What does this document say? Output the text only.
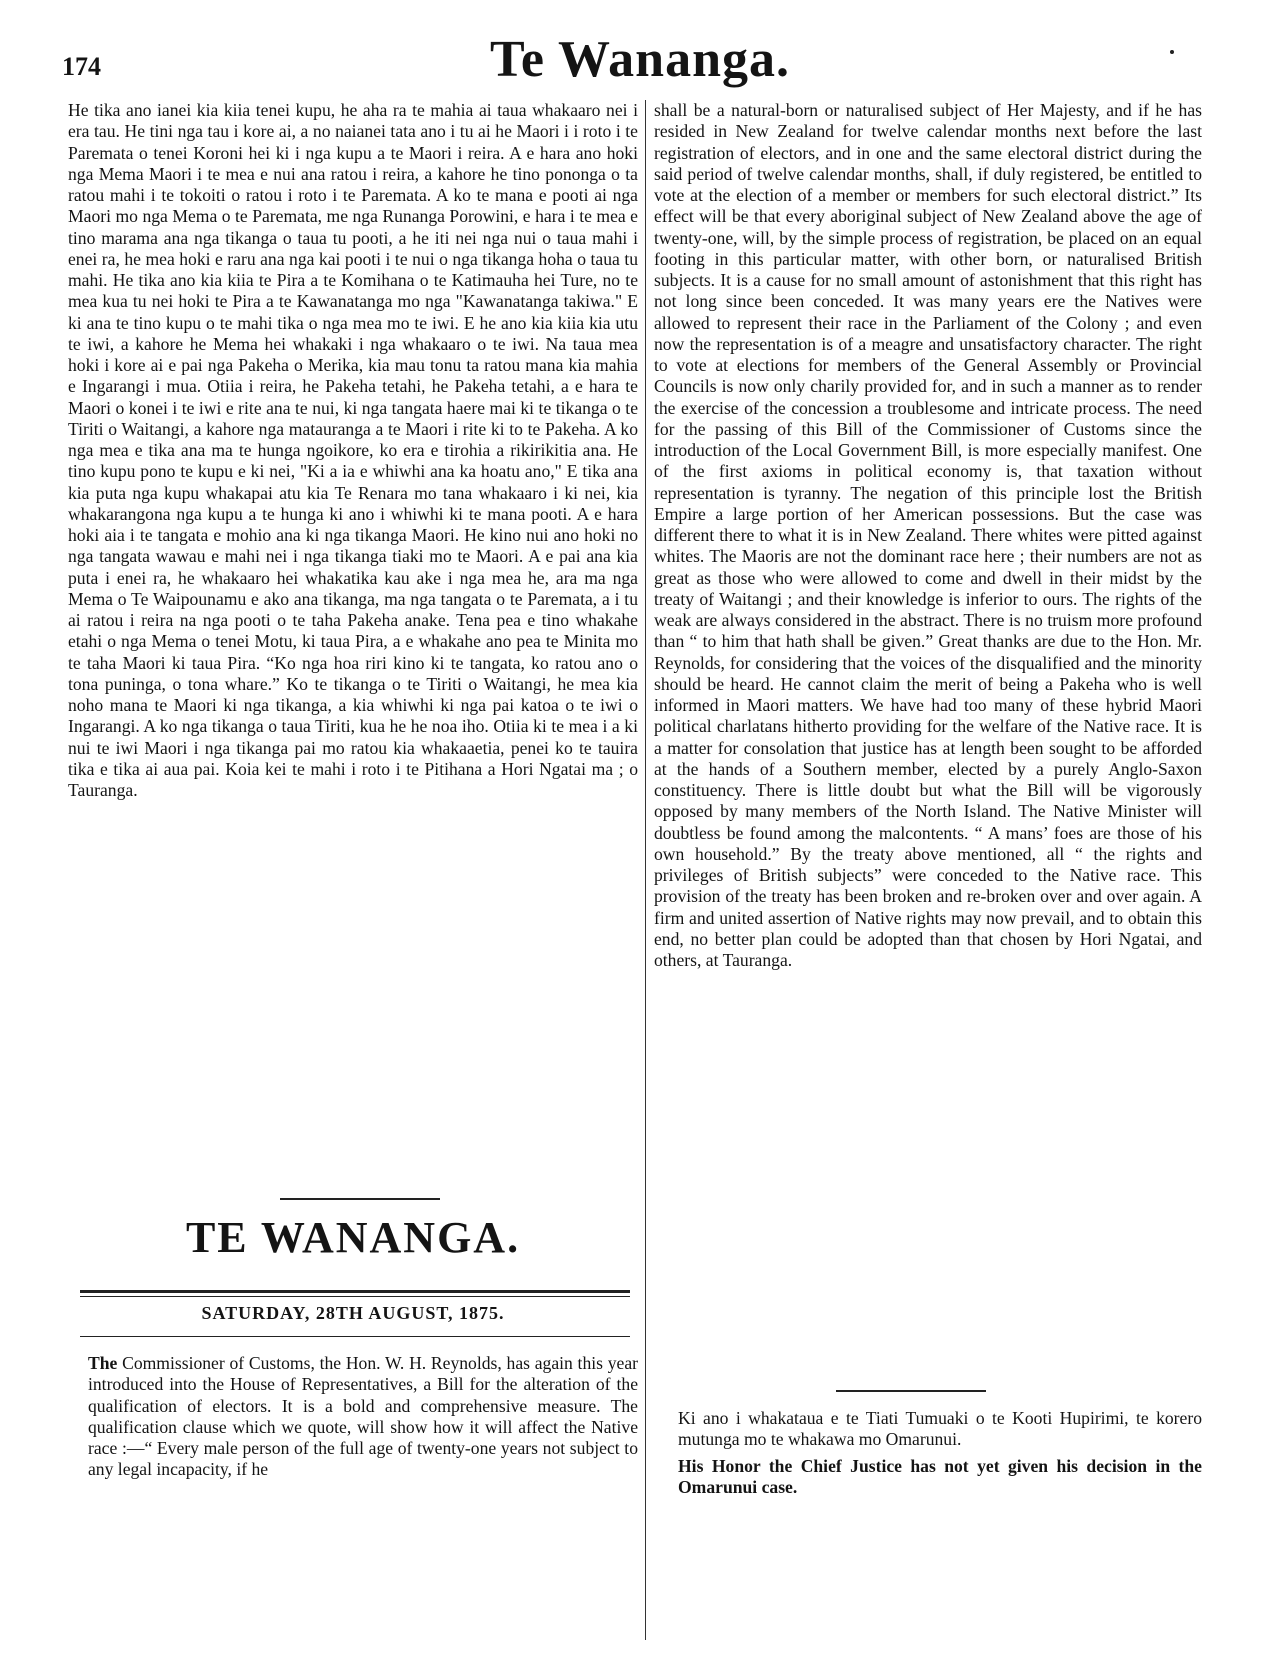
174	Te Wananga.

He tika ano ianei kia kiia tenei kupu, he aha ra te mahia ai taua whakaaro nei i era tau. He tini nga tau i kore ai, a no naianei tata ano i tu ai he Maori i i roto i te Paremata o tenei Koroni hei ki i nga kupu a te Maori i reira. A e hara ano hoki nga Mema Maori i te mea e nui ana ratou i reira, a kahore he tino pononga o ta ratou mahi i te tokoiti o ratou i roto i te Paremata. A ko te mana e pooti ai nga Maori mo nga Mema o te Paremata, me nga Runanga Porowini, e hara i te mea e tino marama ana nga tikanga o taua tu pooti, a he iti nei nga nui o taua mahi i enei ra, he mea hoki e raru ana nga kai pooti i te nui o nga tikanga hoha o taua tu mahi. He tika ano kia kiia te Pira a te Komihana o te Katimauha hei Ture, no te mea kua tu nei hoki te Pira a te Kawanatanga mo nga "Kawanatanga takiwa." E ki ana te tino kupu o te mahi tika o nga mea mo te iwi. E he ano kia kiia kia utu te iwi, a kahore he Mema hei whakaki i nga whakaaro o te iwi. Na taua mea hoki i kore ai e pai nga Pakeha o Merika, kia mau tonu ta ratou mana kia mahia e Ingarangi i mua. Otiia i reira, he Pakeha tetahi, he Pakeha tetahi, a e hara te Maori o konei i te iwi e rite ana te nui, ki nga tangata haere mai ki te tikanga o te Tiriti o Waitangi, a kahore nga matauranga a te Maori i rite ki to te Pakeha. A ko nga mea e tika ana ma te hunga ngoikore, ko era e tirohia a rikirikitia ana. He tino kupu pono te kupu e ki nei, "Ki a ia e whiwhi ana ka hoatu ano," E tika ana kia puta nga kupu whakapai atu kia Te Renara mo tana whakaaro i ki nei, kia whakarangona nga kupu a te hunga ki ano i whiwhi ki te mana pooti. A e hara hoki aia i te tangata e mohio ana ki nga tikanga Maori. He kino nui ano hoki no nga tangata wawau e mahi nei i nga tikanga tiaki mo te Maori. A e pai ana kia puta i enei ra, he whakaaro hei whakatika kau ake i nga mea he, ara ma nga Mema o Te Waipounamu e ako ana tikanga, ma nga tangata o te Paremata, a i tu ai ratou i reira na nga pooti o te taha Pakeha anake. Tena pea e tino whakahe etahi o nga Mema o tenei Motu, ki taua Pira, a e whakahe ano pea te Minita mo te taha Maori ki taua Pira. “Ko nga hoa riri kino ki te tangata, ko ratou ano o tona puninga, o tona whare.” Ko te tikanga o te Tiriti o Waitangi, he mea kia noho mana te Maori ki nga tikanga, a kia whiwhi ki nga pai katoa o te iwi o Ingarangi. A ko nga tikanga o taua Tiriti, kua he he noa iho. Otiia ki te mea i a ki nui te iwi Maori i nga tikanga pai mo ratou kia whakaaetia, penei ko te tauira tika e tika ai aua pai. Koia kei te mahi i roto i te Pitihana a Hori Ngatai ma ; o Tauranga.

TE WANANGA.
SATURDAY, 28TH AUGUST, 1875.

The Commissioner of Customs, the Hon. W. H. Reynolds, has again this year introduced into the House of Representatives, a Bill for the alteration of the qualification of electors. It is a bold and comprehensive measure. The qualification clause which we quote, will show how it will affect the Native race :—“ Every male person of the full age of twenty-one years not subject to any legal incapacity, if he

shall be a natural-born or naturalised subject of Her Majesty, and if he has resided in New Zealand for twelve calendar months next before the last registration of electors, and in one and the same electoral district during the said period of twelve calendar months, shall, if duly registered, be entitled to vote at the election of a member or members for such electoral district.” Its effect will be that every aboriginal subject of New Zealand above the age of twenty-one, will, by the simple process of registration, be placed on an equal footing in this particular matter, with other born, or naturalised British subjects. It is a cause for no small amount of astonishment that this right has not long since been conceded. It was many years ere the Natives were allowed to represent their race in the Parliament of the Colony ; and even now the representation is of a meagre and unsatisfactory character. The right to vote at elections for members of the General Assembly or Provincial Councils is now only charily provided for, and in such a manner as to render the exercise of the concession a troublesome and intricate process. The need for the passing of this Bill of the Commissioner of Customs since the introduction of the Local Government Bill, is more especially manifest. One of the first axioms in political economy is, that taxation without representation is tyranny. The negation of this principle lost the British Empire a large portion of her American possessions. But the case was different there to what it is in New Zealand. There whites were pitted against whites. The Maoris are not the dominant race here ; their numbers are not as great as those who were allowed to come and dwell in their midst by the treaty of Waitangi ; and their knowledge is inferior to ours. The rights of the weak are always considered in the abstract. There is no truism more profound than “ to him that hath shall be given.” Great thanks are due to the Hon. Mr. Reynolds, for considering that the voices of the disqualified and the minority should be heard. He cannot claim the merit of being a Pakeha who is well informed in Maori matters. We have had too many of these hybrid Maori political charlatans hitherto providing for the welfare of the Native race. It is a matter for consolation that justice has at length been sought to be afforded at the hands of a Southern member, elected by a purely Anglo-Saxon constituency. There is little doubt but what the Bill will be vigorously opposed by many members of the North Island. The Native Minister will doubtless be found among the malcontents. “ A mans’ foes are those of his own household.” By the treaty above mentioned, all “ the rights and privileges of British subjects” were conceded to the Native race. This provision of the treaty has been broken and re-broken over and over again. A firm and united assertion of Native rights may now prevail, and to obtain this end, no better plan could be adopted than that chosen by Hori Ngatai, and others, at Tauranga.

Ki ano i whakataua e te Tiati Tumuaki o te Kooti Hupirimi, te korero mutunga mo te whakawa mo Omarunui.

His Honor the Chief Justice has not yet given his decision in the Omarunui case.
